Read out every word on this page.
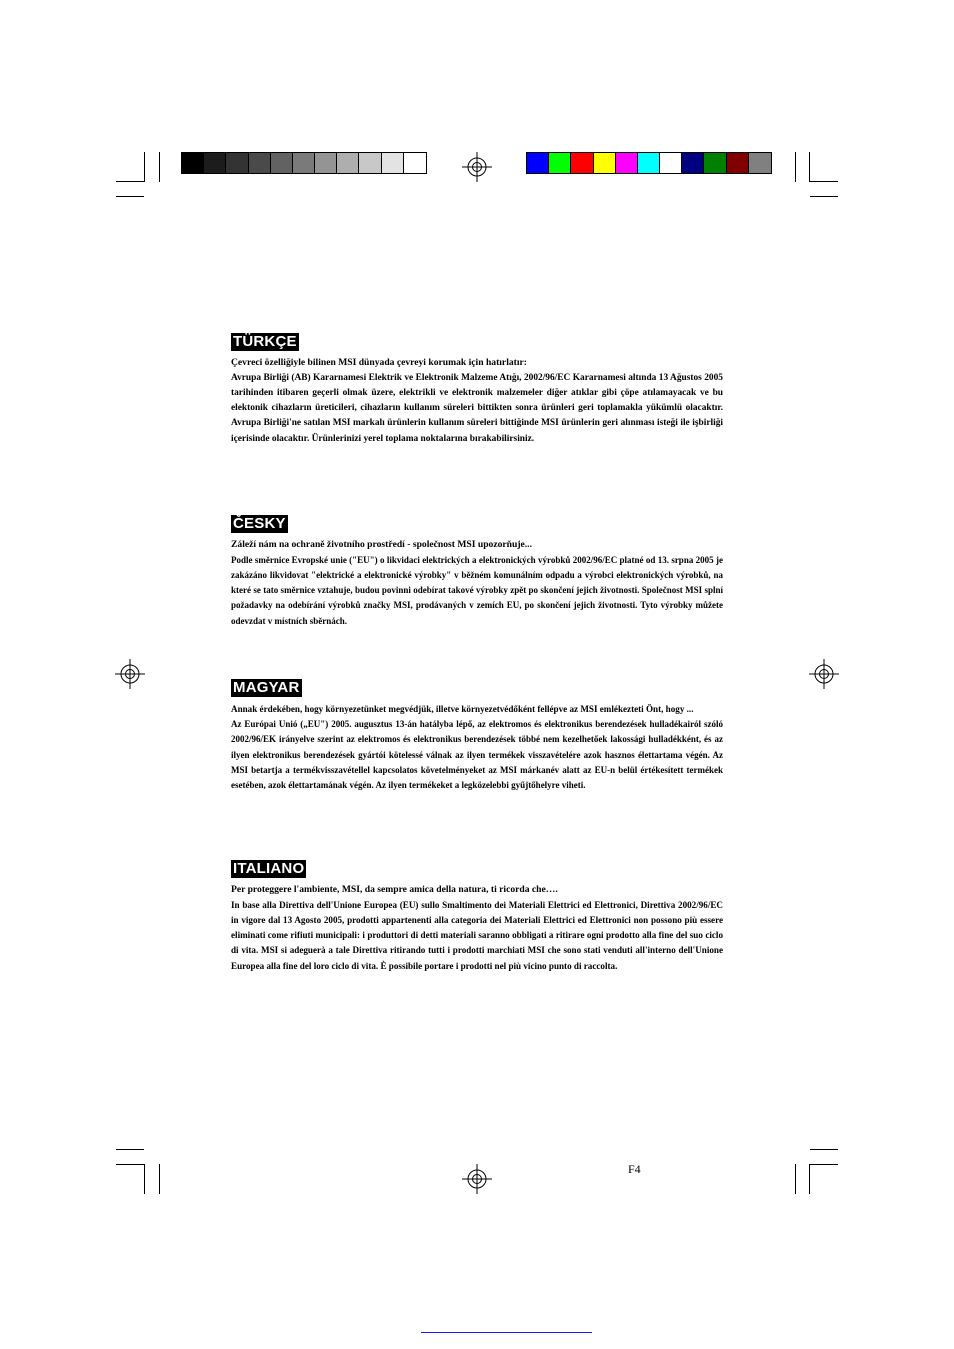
TÜRKÇE
Çevreci özelliğiyle bilinen MSI dünyada çevreyi korumak için hatırlatır:
Avrupa Birliği (AB) Kararnamesi Elektrik ve Elektronik Malzeme Atığı, 2002/96/EC Kararnamesi altında 13 Ağustos 2005 tarihinden itibaren geçerli olmak üzere, elektrikli ve elektronik malzemeler diğer atıklar gibi çöpe atılamayacak ve bu elektonik cihazların üreticileri, cihazların kullanım süreleri bittikten sonra ürünleri geri toplamakla yükümlü olacaktır. Avrupa Birliği'ne satılan MSI markalı ürünlerin kullanım süreleri bittiğinde MSI ürünlerin geri alınması isteği ile işbirliği içerisinde olacaktır. Ürünlerinizi yerel toplama noktalarına bırakabilirsiniz.
ČESKY
Záleží nám na ochraně životního prostředí - společnost MSI upozorňuje...
Podle směrnice Evropské unie ("EU") o likvidaci elektrických a elektronických výrobků 2002/96/EC platné od 13. srpna 2005 je zakázáno likvidovat "elektrické a elektronické výrobky" v běžném komunálním odpadu a výrobci elektronických výrobků, na které se tato směrnice vztahuje, budou povinni odebírat takové výrobky zpět po skončení jejich životnosti. Společnost MSI splní požadavky na odebírání výrobků značky MSI, prodávaných v zemích EU, po skončení jejich životnosti. Tyto výrobky můžete odevzdat v místních sběrnách.
MAGYAR
Annak érdekében, hogy környezetünket megvédjük, illetve környezetvédőként fellépve az MSI emlékezteti Önt, hogy ...
Az Európai Unió („EU") 2005. augusztus 13-án hatályba lépő, az elektromos és elektronikus berendezések hulladékairól szóló 2002/96/EK irányelve szerint az elektromos és elektronikus berendezések többé nem kezelhetőek lakossági hulladékként, és az ilyen elektronikus berendezések gyártói kötelessé válnak az ilyen termékek visszavételére azok hasznos élettartama végén. Az MSI betartja a termékvisszavétellel kapcsolatos követelményeket az MSI márkanév alatt az EU-n belül értékesített termékek esetében, azok élettartamának végén. Az ilyen termékeket a legközelebbi gyűjtőhelyre viheti.
ITALIANO
Per proteggere l'ambiente, MSI, da sempre amica della natura, ti ricorda che….
In base alla Direttiva dell'Unione Europea (EU) sullo Smaltimento dei Materiali Elettrici ed Elettronici, Direttiva 2002/96/EC in vigore dal 13 Agosto 2005, prodotti appartenenti alla categoria dei Materiali Elettrici ed Elettronici non possono più essere eliminati come rifiuti municipali: i produttori di detti materiali saranno obbligati a ritirare ogni prodotto alla fine del suo ciclo di vita. MSI si adeguerà a tale Direttiva ritirando tutti i prodotti marchiati MSI che sono stati venduti all'interno dell'Unione Europea alla fine del loro ciclo di vita. È possibile portare i prodotti nel più vicino punto di raccolta.
F4
